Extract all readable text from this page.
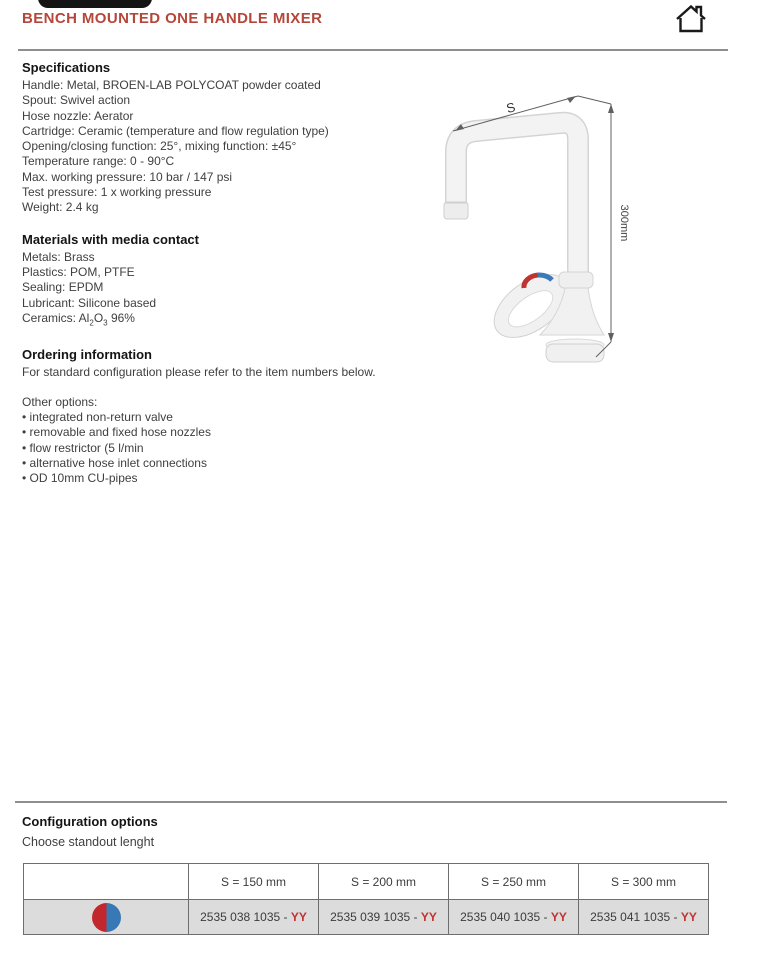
BENCH MOUNTED ONE HANDLE MIXER
Specifications
Handle: Metal, BROEN-LAB POLYCOAT powder coated
Spout: Swivel action
Hose nozzle: Aerator
Cartridge: Ceramic (temperature and flow regulation type)
Opening/closing function: 25°, mixing function: ±45°
Temperature range: 0 - 90°C
Max. working pressure: 10 bar / 147 psi
Test pressure: 1 x working pressure
Weight: 2.4 kg
Materials with media contact
Metals: Brass
Plastics: POM, PTFE
Sealing: EPDM
Lubricant: Silicone based
Ceramics: $Al_2O_3$ 96%
Ordering information
For standard configuration please refer to the item numbers below.
Other options:
• integrated non-return valve
• removable and fixed hose nozzles
• flow restrictor (5 l/min
• alternative hose inlet connections
• OD 10mm CU-pipes
S
300mm
Configuration options
Choose standout lenght
S = 150 mm	S = 200 mm	S = 250 mm	S = 300 mm
2535 038 1035 - YY 2535 039 1035 - YY 2535 040 1035 - YY 2535 041 1035 - YY
